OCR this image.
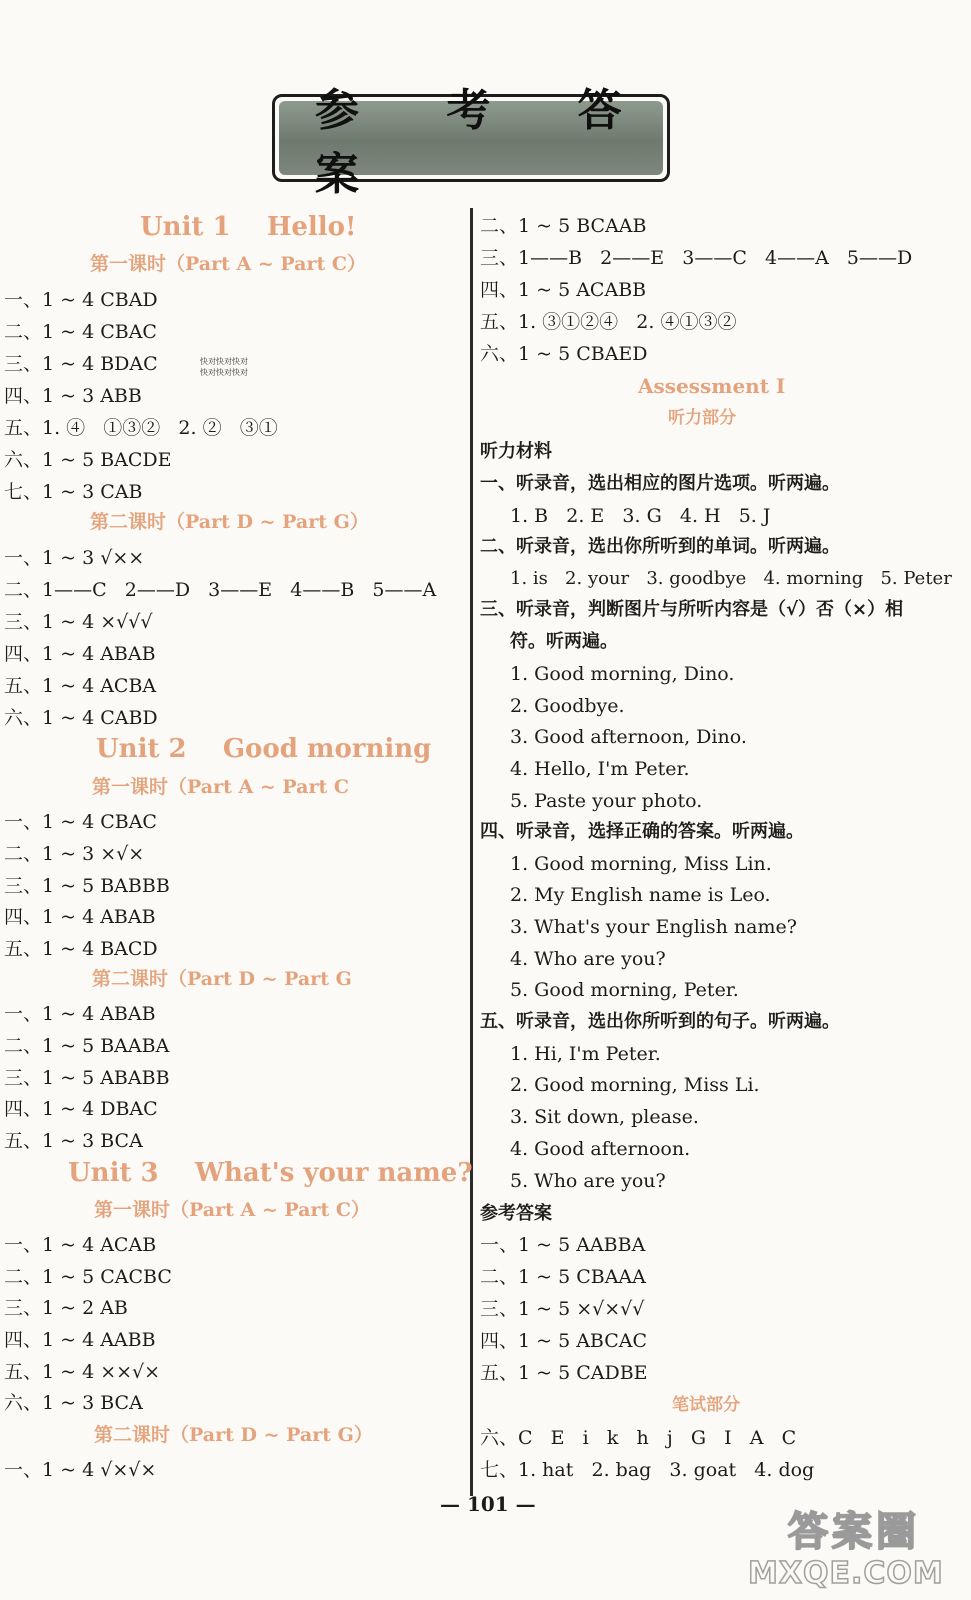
参 考 答 案
Unit 1    Hello!
第一课时（Part A ~ Part C）
一、1 ~ 4 CBAD
二、1 ~ 4 CBAC
三、1 ~ 4 BDAC	快对快对快对
快对快对快对
四、1 ~ 3 ABB
五、1. ④   ①③②   2. ②   ③①
六、1 ~ 5 BACDE
七、1 ~ 3 CAB
第二课时（Part D ~ Part G）
一、1 ~ 3 √××
二、1——C   2——D   3——E   4——B   5——A
三、1 ~ 4 ×√√√
四、1 ~ 4 ABAB
五、1 ~ 4 ACBA
六、1 ~ 4 CABD
Unit 2    Good morning
第一课时（Part A ~ Part C
一、1 ~ 4 CBAC
二、1 ~ 3 ×√×
三、1 ~ 5 BABBB
四、1 ~ 4 ABAB
五、1 ~ 4 BACD
第二课时（Part D ~ Part G
一、1 ~ 4 ABAB
二、1 ~ 5 BAABA
三、1 ~ 5 ABABB
四、1 ~ 4 DBAC
五、1 ~ 3 BCA
Unit 3    What's your name?
第一课时（Part A ~ Part C）
一、1 ~ 4 ACAB
二、1 ~ 5 CACBC
三、1 ~ 2 AB
四、1 ~ 4 AABB
五、1 ~ 4 ××√×
六、1 ~ 3 BCA
第二课时（Part D ~ Part G）
一、1 ~ 4 √×√×
二、1 ~ 5 BCAAB
三、1——B   2——E   3——C   4——A   5——D
四、1 ~ 5 ACABB
五、1. ③①②④   2. ④①③②
六、1 ~ 5 CBAED
Assessment Ⅰ
听力部分
听力材料
一、听录音，选出相应的图片选项。听两遍。
1. B   2. E   3. G   4. H   5. J
二、听录音，选出你所听到的单词。听两遍。
1. is   2. your   3. goodbye   4. morning   5. Peter
三、听录音，判断图片与所听内容是（√）否（×）相
符。听两遍。
1. Good morning, Dino.
2. Goodbye.
3. Good afternoon, Dino.
4. Hello, I'm Peter.
5. Paste your photo.
四、听录音，选择正确的答案。听两遍。
1. Good morning, Miss Lin.
2. My English name is Leo.
3. What's your English name?
4. Who are you?
5. Good morning, Peter.
五、听录音，选出你所听到的句子。听两遍。
1. Hi, I'm Peter.
2. Good morning, Miss Li.
3. Sit down, please.
4. Good afternoon.
5. Who are you?
参考答案
一、1 ~ 5 AABBA
二、1 ~ 5 CBAAA
三、1 ~ 5 ×√×√√
四、1 ~ 5 ABCAC
五、1 ~ 5 CADBE
笔试部分
六、C   E   i   k   h   j   G   I   A   C
七、1. hat   2. bag   3. goat   4. dog
— 101 —
答案圈
MXQE.COM
